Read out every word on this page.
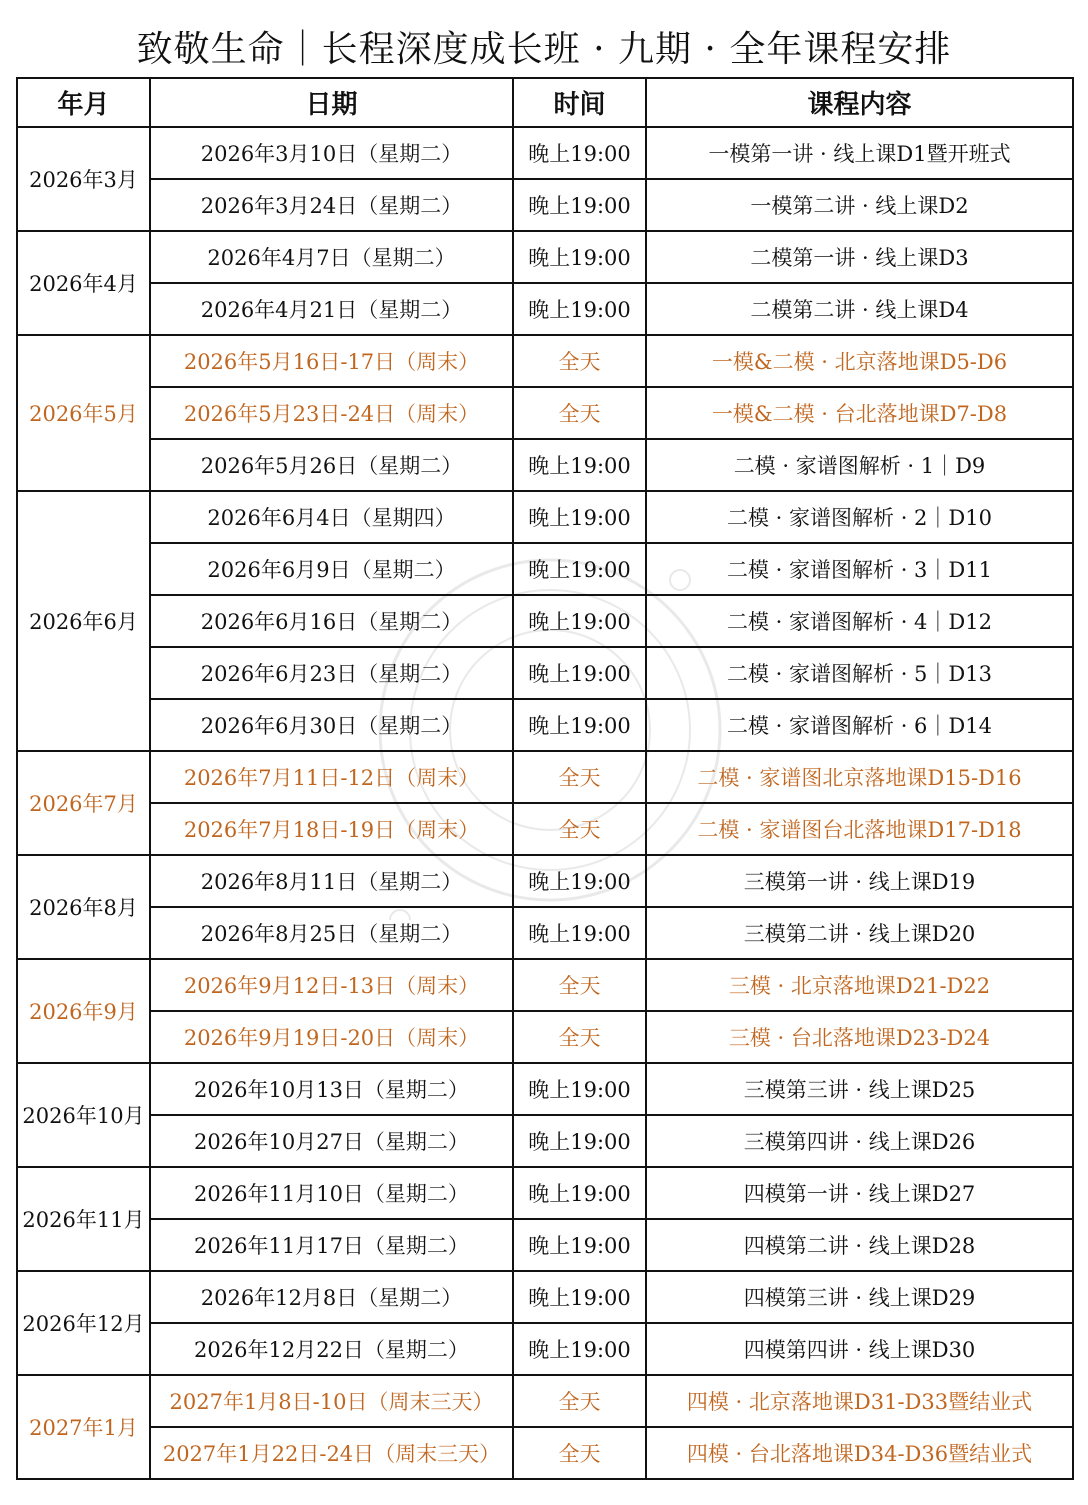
致敬生命｜长程深度成长班 · 九期 · 全年课程安排
年月	日期	时间	课程内容
2026年3月	2026年3月10日（星期二）	晚上19:00	一模第一讲 · 线上课D1暨开班式
	2026年3月24日（星期二）	晚上19:00	一模第二讲 · 线上课D2
2026年4月	2026年4月7日（星期二）	晚上19:00	二模第一讲 · 线上课D3
	2026年4月21日（星期二）	晚上19:00	二模第二讲 · 线上课D4
2026年5月	2026年5月16日-17日（周末）	全天	一模&二模 · 北京落地课D5-D6
	2026年5月23日-24日（周末）	全天	一模&二模 · 台北落地课D7-D8
	2026年5月26日（星期二）	晚上19:00	二模 · 家谱图解析 · 1｜D9
2026年6月	2026年6月4日（星期四）	晚上19:00	二模 · 家谱图解析 · 2｜D10
	2026年6月9日（星期二）	晚上19:00	二模 · 家谱图解析 · 3｜D11
	2026年6月16日（星期二）	晚上19:00	二模 · 家谱图解析 · 4｜D12
	2026年6月23日（星期二）	晚上19:00	二模 · 家谱图解析 · 5｜D13
	2026年6月30日（星期二）	晚上19:00	二模 · 家谱图解析 · 6｜D14
2026年7月	2026年7月11日-12日（周末）	全天	二模 · 家谱图北京落地课D15-D16
	2026年7月18日-19日（周末）	全天	二模 · 家谱图台北落地课D17-D18
2026年8月	2026年8月11日（星期二）	晚上19:00	三模第一讲 · 线上课D19
	2026年8月25日（星期二）	晚上19:00	三模第二讲 · 线上课D20
2026年9月	2026年9月12日-13日（周末）	全天	三模 · 北京落地课D21-D22
	2026年9月19日-20日（周末）	全天	三模 · 台北落地课D23-D24
2026年10月	2026年10月13日（星期二）	晚上19:00	三模第三讲 · 线上课D25
	2026年10月27日（星期二）	晚上19:00	三模第四讲 · 线上课D26
2026年11月	2026年11月10日（星期二）	晚上19:00	四模第一讲 · 线上课D27
	2026年11月17日（星期二）	晚上19:00	四模第二讲 · 线上课D28
2026年12月	2026年12月8日（星期二）	晚上19:00	四模第三讲 · 线上课D29
	2026年12月22日（星期二）	晚上19:00	四模第四讲 · 线上课D30
2027年1月	2027年1月8日-10日（周末三天）	全天	四模 · 北京落地课D31-D33暨结业式
	2027年1月22日-24日（周末三天）	全天	四模 · 台北落地课D34-D36暨结业式
